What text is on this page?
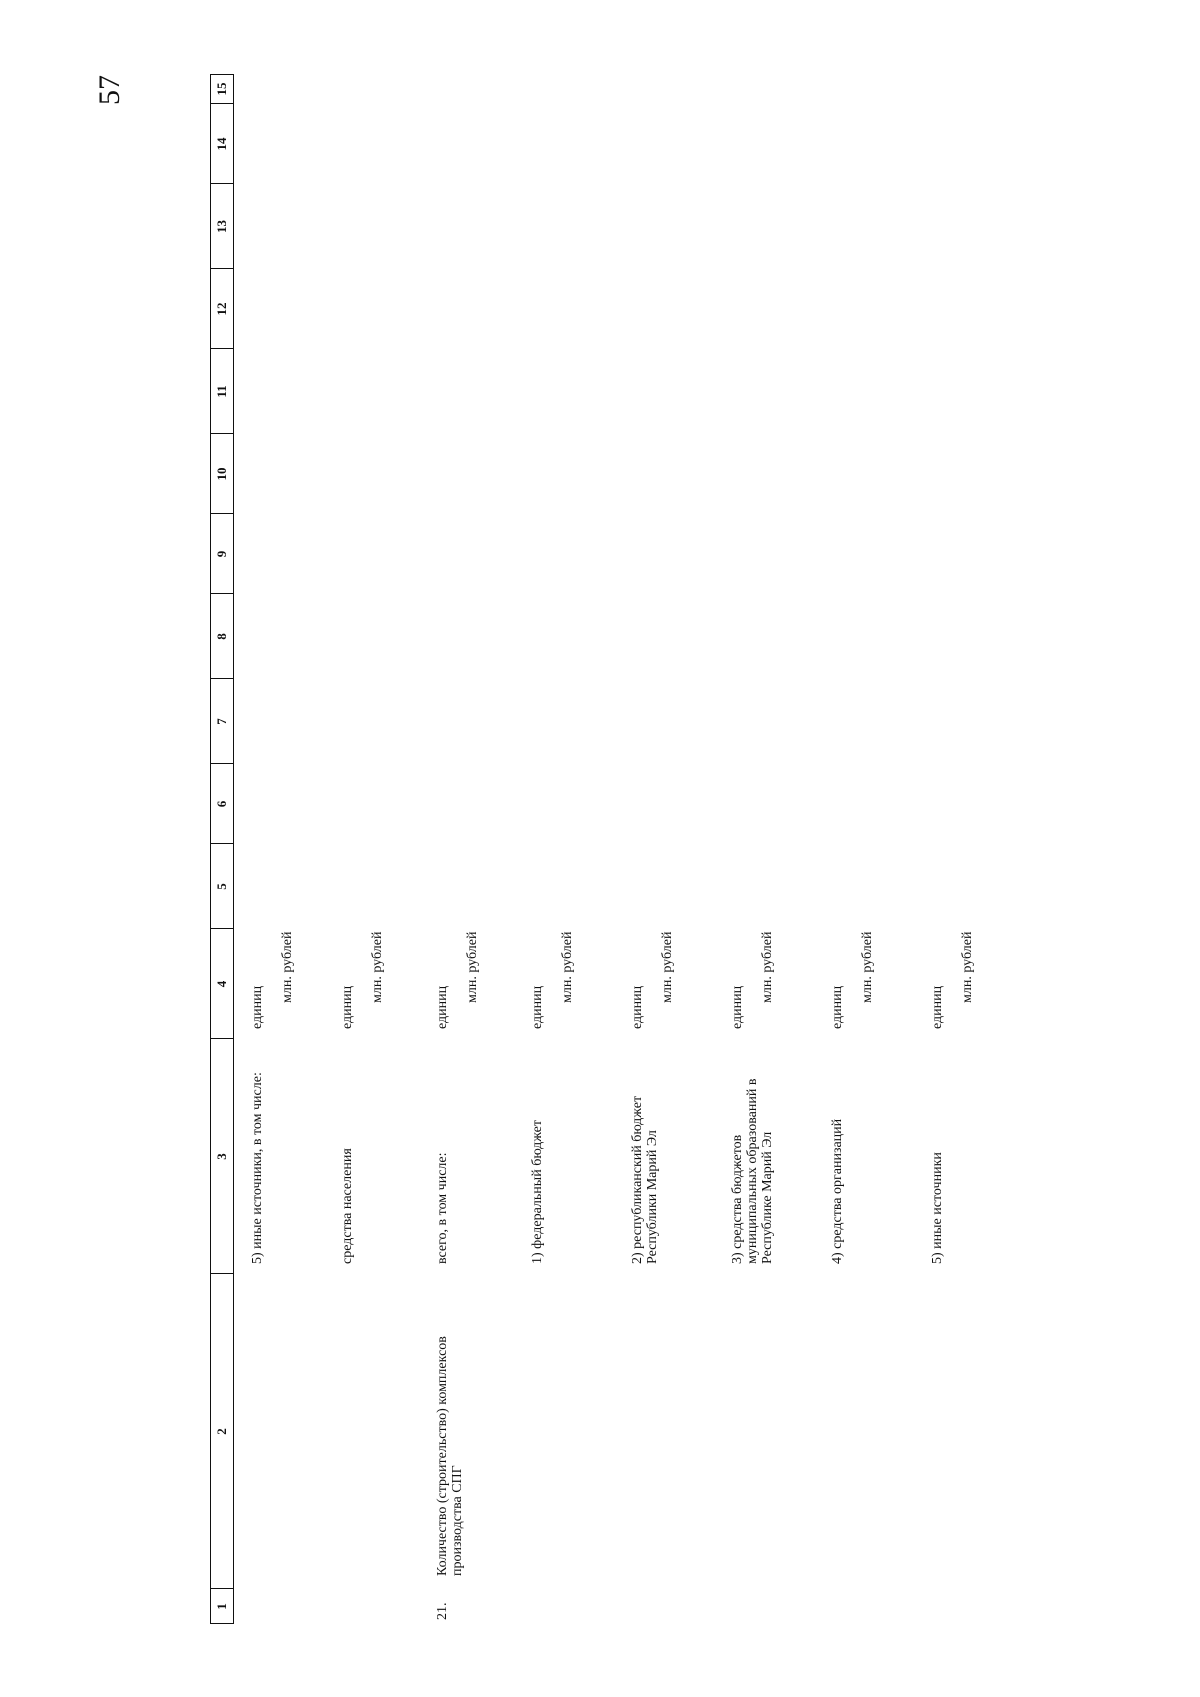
57
1
2
3
4
5
6
7
8
9
10
11
12
13
14
15
5) иные источники, в том числе:
единиц
млн. рублей
средства населения
единиц
млн. рублей
21.
Количество (строительство) комплексов производства СПГ
всего, в том числе:
единиц
млн. рублей
1) федеральный бюджет
единиц
млн. рублей
2) республиканский бюджет Республики Марий Эл
единиц
млн. рублей
3) средства бюджетов муниципальных образований в Республике Марий Эл
единиц
млн. рублей
4) средства организаций
единиц
млн. рублей
5) иные источники
единиц
млн. рублей
